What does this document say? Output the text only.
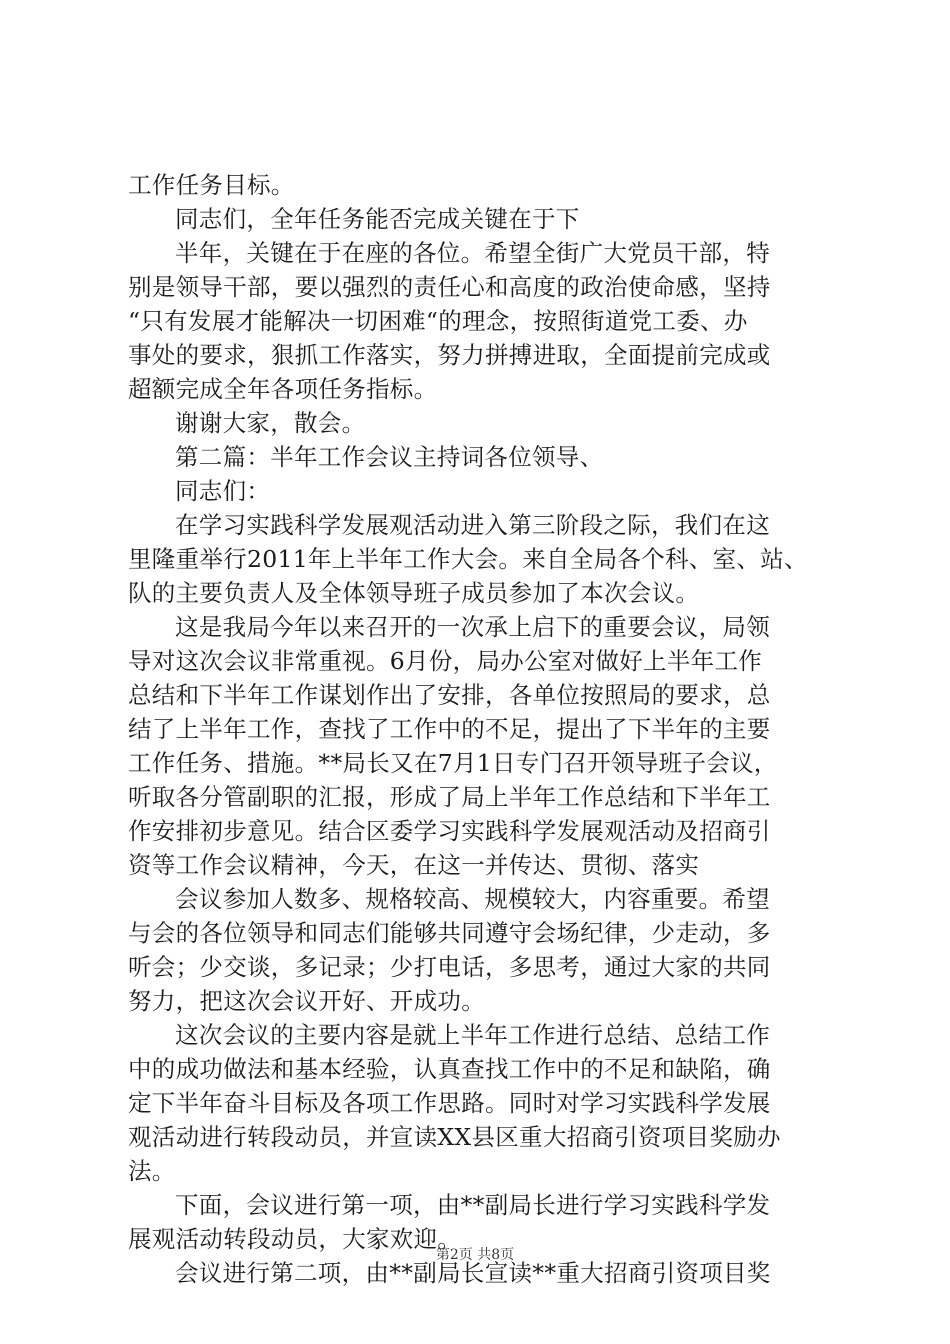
工作任务目标。
同志们，全年任务能否完成关键在于下
半年，关键在于在座的各位。希望全街广大党员干部，特
别是领导干部，要以强烈的责任心和高度的政治使命感，坚持
“只有发展才能解决一切困难“的理念，按照街道党工委、办
事处的要求，狠抓工作落实，努力拼搏进取，全面提前完成或
超额完成全年各项任务指标。
谢谢大家，散会。
第二篇：半年工作会议主持词各位领导、
同志们：
在学习实践科学发展观活动进入第三阶段之际，我们在这
里隆重举行2011年上半年工作大会。来自全局各个科、室、站、
队的主要负责人及全体领导班子成员参加了本次会议。
这是我局今年以来召开的一次承上启下的重要会议，局领
导对这次会议非常重视。6月份，局办公室对做好上半年工作
总结和下半年工作谋划作出了安排，各单位按照局的要求，总
结了上半年工作，查找了工作中的不足，提出了下半年的主要
工作任务、措施。**局长又在7月1日专门召开领导班子会议，
听取各分管副职的汇报，形成了局上半年工作总结和下半年工
作安排初步意见。结合区委学习实践科学发展观活动及招商引
资等工作会议精神，今天，在这一并传达、贯彻、落实
会议参加人数多、规格较高、规模较大，内容重要。希望
与会的各位领导和同志们能够共同遵守会场纪律，少走动，多
听会；少交谈，多记录；少打电话，多思考，通过大家的共同
努力，把这次会议开好、开成功。
这次会议的主要内容是就上半年工作进行总结、总结工作
中的成功做法和基本经验，认真查找工作中的不足和缺陷，确
定下半年奋斗目标及各项工作思路。同时对学习实践科学发展
观活动进行转段动员，并宣读XX县区重大招商引资项目奖励办
法。
下面，会议进行第一项，由**副局长进行学习实践科学发
展观活动转段动员，大家欢迎。
会议进行第二项，由**副局长宣读**重大招商引资项目奖
第2页 共8页
